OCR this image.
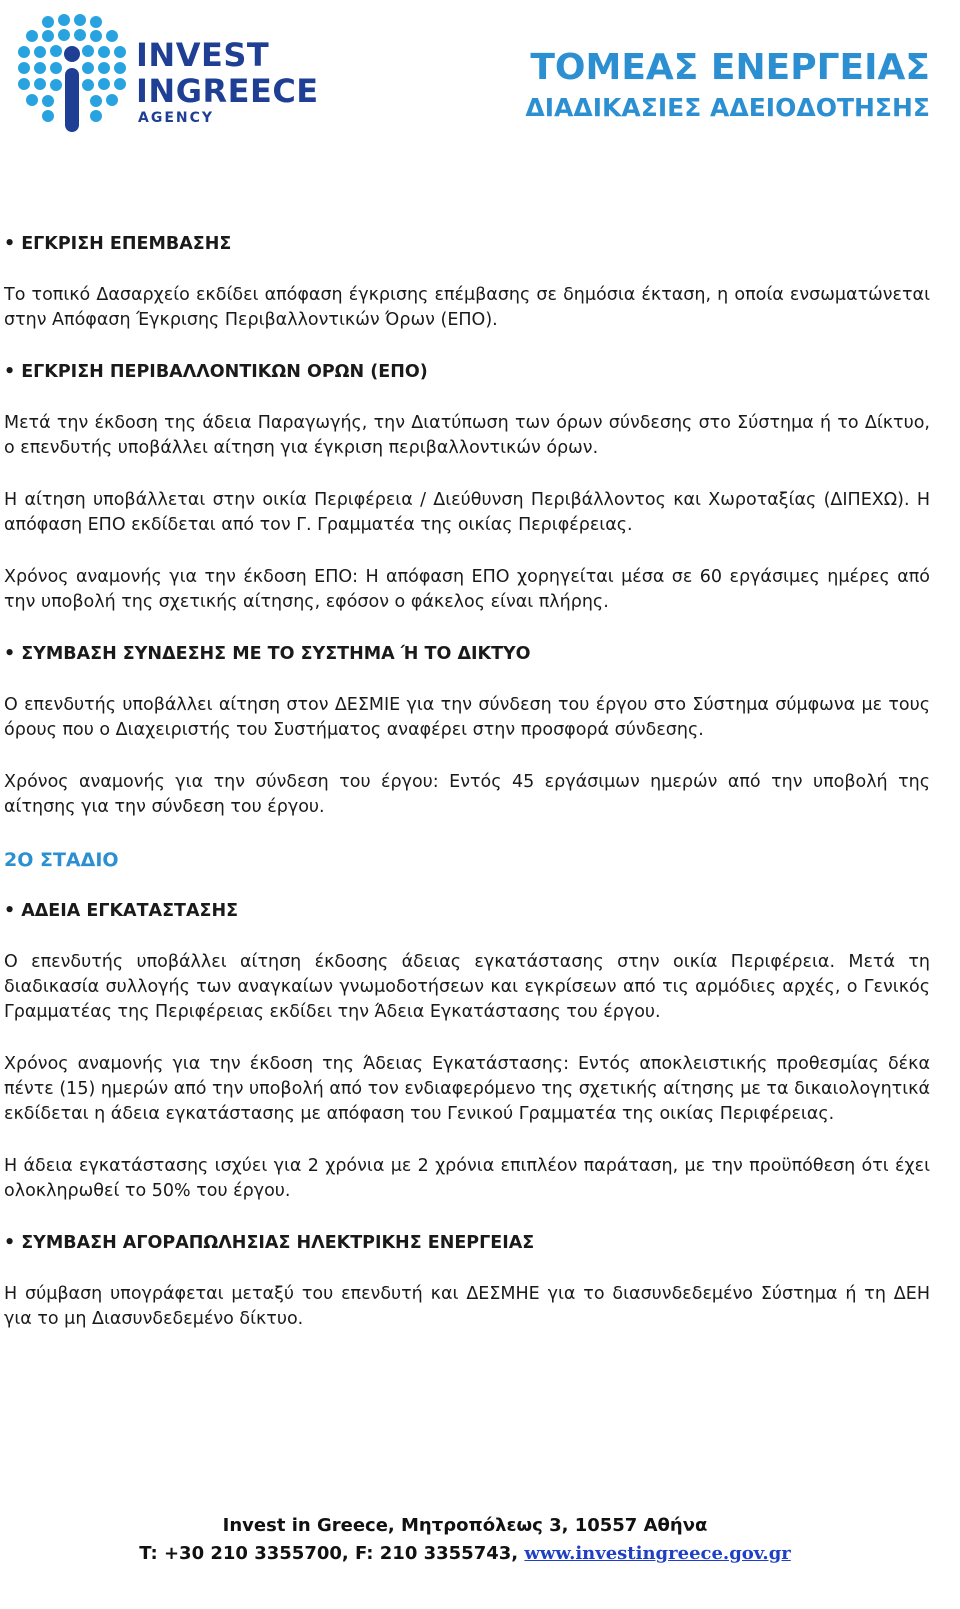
INVEST
INGREECE
AGENCY
ΤΟΜΕΑΣ ΕΝΕΡΓΕΙΑΣ
ΔΙΑΔΙΚΑΣΙΕΣ ΑΔΕΙΟΔΟΤΗΣΗΣ
• ΕΓΚΡΙΣΗ ΕΠΕΜΒΑΣΗΣ

Το τοπικό Δασαρχείο εκδίδει απόφαση έγκρισης επέμβασης σε δημόσια έκταση, η οποία ενσωματώνεται στην Απόφαση Έγκρισης Περιβαλλοντικών Όρων (ΕΠΟ).

• ΕΓΚΡΙΣΗ ΠΕΡΙΒΑΛΛΟΝΤΙΚΩΝ ΟΡΩΝ (ΕΠΟ)

Μετά την έκδοση της άδεια Παραγωγής, την Διατύπωση των όρων σύνδεσης στο Σύστημα ή το Δίκτυο, ο επενδυτής υποβάλλει αίτηση για έγκριση περιβαλλοντικών όρων.

Η αίτηση υποβάλλεται στην οικία Περιφέρεια / Διεύθυνση Περιβάλλοντος και Χωροταξίας (ΔΙΠΕΧΩ). Η απόφαση ΕΠΟ εκδίδεται από τον Γ. Γραμματέα της οικίας Περιφέρειας.

Χρόνος αναμονής για την έκδοση ΕΠΟ: Η απόφαση ΕΠΟ χορηγείται μέσα σε 60 εργάσιμες ημέρες από την υποβολή της σχετικής αίτησης, εφόσον ο φάκελος είναι πλήρης.

• ΣΥΜΒΑΣΗ ΣΥΝΔΕΣΗΣ ΜΕ ΤΟ ΣΥΣΤΗΜΑ Ή ΤΟ ΔΙΚΤΥΟ

Ο επενδυτής υποβάλλει αίτηση στον ΔΕΣΜΙΕ για την σύνδεση του έργου στο Σύστημα σύμφωνα με τους όρους που ο Διαχειριστής του Συστήματος αναφέρει στην προσφορά σύνδεσης.

Χρόνος αναμονής για την σύνδεση του έργου: Εντός 45 εργάσιμων ημερών από την υποβολή της αίτησης για την σύνδεση του έργου.

2Ο ΣΤΑΔΙΟ
• ΑΔΕΙΑ ΕΓΚΑΤΑΣΤΑΣΗΣ

Ο επενδυτής υποβάλλει αίτηση έκδοσης άδειας εγκατάστασης στην οικία Περιφέρεια. Μετά τη διαδικασία συλλογής των αναγκαίων γνωμοδοτήσεων και εγκρίσεων από τις αρμόδιες αρχές, ο Γενικός Γραμματέας της Περιφέρειας εκδίδει την Άδεια Εγκατάστασης του έργου.

Χρόνος αναμονής για την έκδοση της Άδειας Εγκατάστασης: Εντός αποκλειστικής προθεσμίας δέκα πέντε (15) ημερών από την υποβολή από τον ενδιαφερόμενο της σχετικής αίτησης με τα δικαιολογητικά εκδίδεται η άδεια εγκατάστασης με απόφαση του Γενικού Γραμματέα της οικίας Περιφέρειας.

Η άδεια εγκατάστασης ισχύει για 2 χρόνια με 2 χρόνια επιπλέον παράταση, με την προϋπόθεση ότι έχει ολοκληρωθεί το 50% του έργου.

• ΣΥΜΒΑΣΗ ΑΓΟΡΑΠΩΛΗΣΙΑΣ ΗΛΕΚΤΡΙΚΗΣ ΕΝΕΡΓΕΙΑΣ

Η σύμβαση υπογράφεται μεταξύ του επενδυτή και ΔΕΣΜΗΕ για το διασυνδεδεμένο Σύστημα ή τη ΔΕΗ για το μη Διασυνδεδεμένο δίκτυο.

Invest in Greece, Μητροπόλεως 3, 10557 Αθήνα
T: +30 210 3355700, F: 210 3355743, www.investingreece.gov.gr
